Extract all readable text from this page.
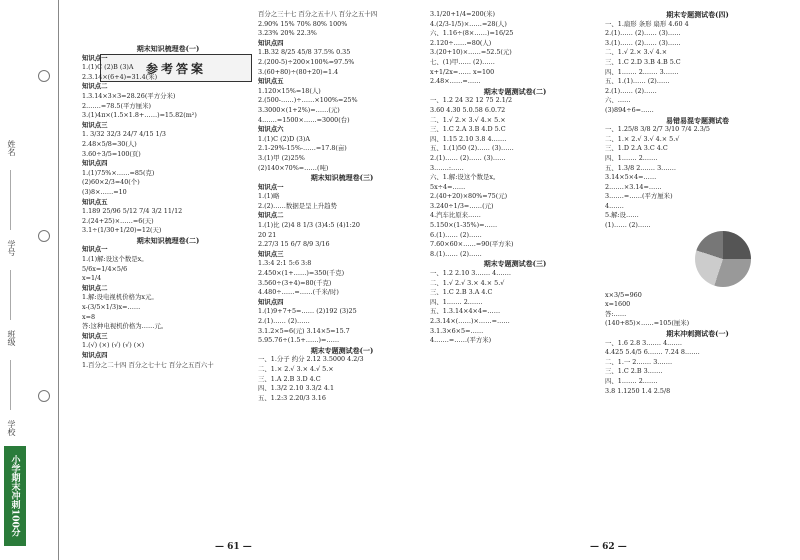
姓名
学号
班级
学校
小学期末冲刺100分
参考答案
期末知识梳理卷(一)
知识点一
1.(1)C (2)B (3)A
2.3.14×(6+4)=31.4(米)
知识点二
1.3.14×3×3=28.26(平方分米)
2.……=78.5(平方厘米)
3.(1)4π×(1.5×1.8+……)=15.82(m²)
知识点三
1. 3/32 32/3 24/7 4/15 1/3
2.48×5/8=30(人)
3.60÷3/5=100(页)
知识点四
1.(1)75%×……=85(克)
(2)60×2/3=40(个)
(3)8×……=10
知识点五
1.189 25/96 5/12 7/4 3/2 11/12
2.(24+25)×……=6(天)
3.1÷(1/30+1/20)=12(天)
期末知识梳理卷(二)
知识点一
1.(1)解:设这个数是x。
5/6x=1/4×5/6
x=1/4
知识点二
1.解:设电视机价格为x元。
x-(3/5×1/3)x=……
x=8
答:这种电视机价格为……元。
知识点三
1.(√) (×) (√) (√) (×)
知识点四
1.百分之二十四 百分之七十七 百分之五百六十
百分之三十七 百分之五十八 百分之五十四
2.90% 15% 70% 80% 100%
3.23% 20% 22.3%
知识点四
1.B.32 8/25 45/8 37.5% 0.35
2.(200-5)÷200×100%=97.5%
3.(60+80)÷(80+20)=1.4
知识点五
1.120×15%=18(人)
2.(500-……)÷……×100%=25%
3.3000×(1+2%)=……(元)
4.……=1500×……=3000(台)
知识点六
1.(1)C (2)D (3)A
2.1-29%-15%-……=17.8(亩)
3.(1)甲 (2)25%
(2)140×70%=……(吨)
期末知识梳理卷(三)
知识点一
1.(1)略
2.(2)……数据是呈上升趋势
知识点二
1.(1)比 (2)4 8 1/3 (3)4:5 (4)1:20
20 21
2.27/3 15 6/7 8/9 3/16
知识点三
1.3:4 2:1 5:6 3:8
2.450×(1+……)=350(千克)
3.560÷(3+4)=80(千克)
4.480÷……=……(千米/时)
知识点四
1.(1)9+7+5=…… (2)192 (3)25
2.(1)…… (2)……
3.1.2×5=6(元) 3.14×5=15.7
5.95.76÷(1.5+……)=……
期末专题测试卷(一)
一、1.分子 约分 2.12 3.5000 4.2/3
二、1.× 2.√ 3.× 4.√ 5.×
三、1.A 2.B 3.D 4.C
四、1.3/2 2.10 3.3/2 4.1
五、1.2:3 2.20/3 3.16
3.1/20+1/4=200(米)
4.(2/3-1/5)×……=28(人)
六、1.16÷(8×……)=16/25
2.120÷……=80(人)
3.(20+10)×……=52.5(元)
七、(1)甲…… (2)……
x+1/2x=…… x=100
2.48×……=……
期末专题测试卷(二)
一、1.2 24 32 12 75 2.1/2
3.60 4.30 5.0.58 6.0.72
二、1.√ 2.× 3.√ 4.× 5.×
三、1.C 2.A 3.B 4.D 5.C
四、1.15 2.10 3.8 4.……
五、1.(1)50 (2)…… (3)……
2.(1)…… (2)…… (3)……
3.……:……
六、1.解:设这个数是x。
5x÷4=……
2.(40+20)×80%=75(元)
3.240÷1/3=……(元)
4.汽车比原来……
5.150×(1-35%)=……
6.(1)…… (2)……
7.60×60×……=90(平方米)
8.(1)…… (2)……
期末专题测试卷(三)
一、1.2 2.10 3.…… 4.……
二、1.√ 2.√ 3.× 4.× 5.√
三、1.C 2.B 3.A 4.C
四、1.…… 2.……
五、1.3.14×4×4=……
2.3.14×(……)×……=……
3.1.3×6×5=……
4.……=……(平方米)
期末专题测试卷(四)
一、1.扇形 条形 扇形 4.60 4
2.(1)…… (2)…… (3)……
3.(1)…… (2)…… (3)……
二、1.√ 2.× 3.√ 4.×
三、1.C 2.D 3.B 4.B 5.C
四、1.…… 2.…… 3.……
五、1.(1)…… (2)……
2.(1)…… (2)……
六、……
(3)894÷6=……
易错易混专题测试卷
一、1.25/8 3/8 2/7 3/10 7/4 2.3/5
二、1.× 2.√ 3.√ 4.× 5.√
三、1.D 2.A 3.C 4.C
四、1.…… 2.……
五、1.3/8 2.…… 3.……
3.14×5×4=……
2.……×3.14=……
3.……=……(平方厘米)
4.……
5.解:设……
(1)…… (2)……
x×3/5=960
x=1600
答:……
(140+85)×……=105(厘米)
期末冲刺测试卷(一)
一、1.6 2.8 3.…… 4.……
4.425 5.4/5 6.…… 7.24 8.……
二、1.一 2.…… 3.……
三、1.C 2.B 3.……
四、1.…… 2.……
3.8 1.1250 1.4 2.5/8
— 61 —	— 62 —
